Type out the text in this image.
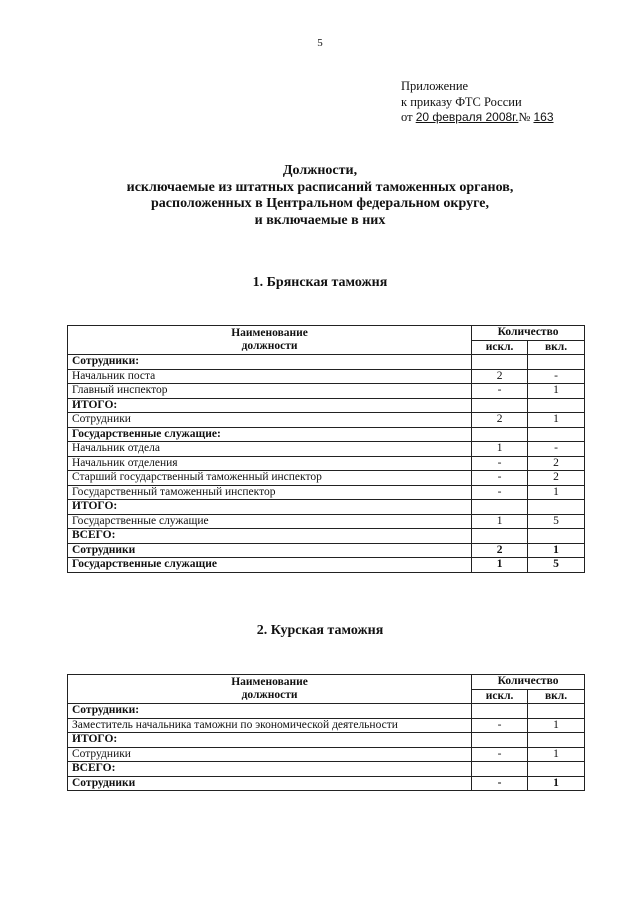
5
Приложение
к приказу ФТС России
от 20 февраля 2008г.№ 163
Должности,
исключаемые из штатных расписаний таможенных органов,
расположенных в Центральном федеральном округе,
и включаемые в них
1. Брянская таможня
Наименование
должности	Количество	
	искл.	вкл.
Сотрудники:		
Начальник поста	2	-
Главный инспектор	-	1
ИТОГО:		
Сотрудники	2	1
Государственные служащие:		
Начальник отдела	1	-
Начальник отделения	-	2
Старший государственный таможенный инспектор	-	2
Государственный таможенный инспектор	-	1
ИТОГО:		
Государственные служащие	1	5
ВСЕГО:		
Сотрудники	2	1
Государственные служащие	1	5
2. Курская таможня
Наименование
должности	Количество	
	искл.	вкл.
Сотрудники:		
Заместитель начальника таможни по экономической деятельности	-	1
ИТОГО:		
Сотрудники	-	1
ВСЕГО:		
Сотрудники	-	1
